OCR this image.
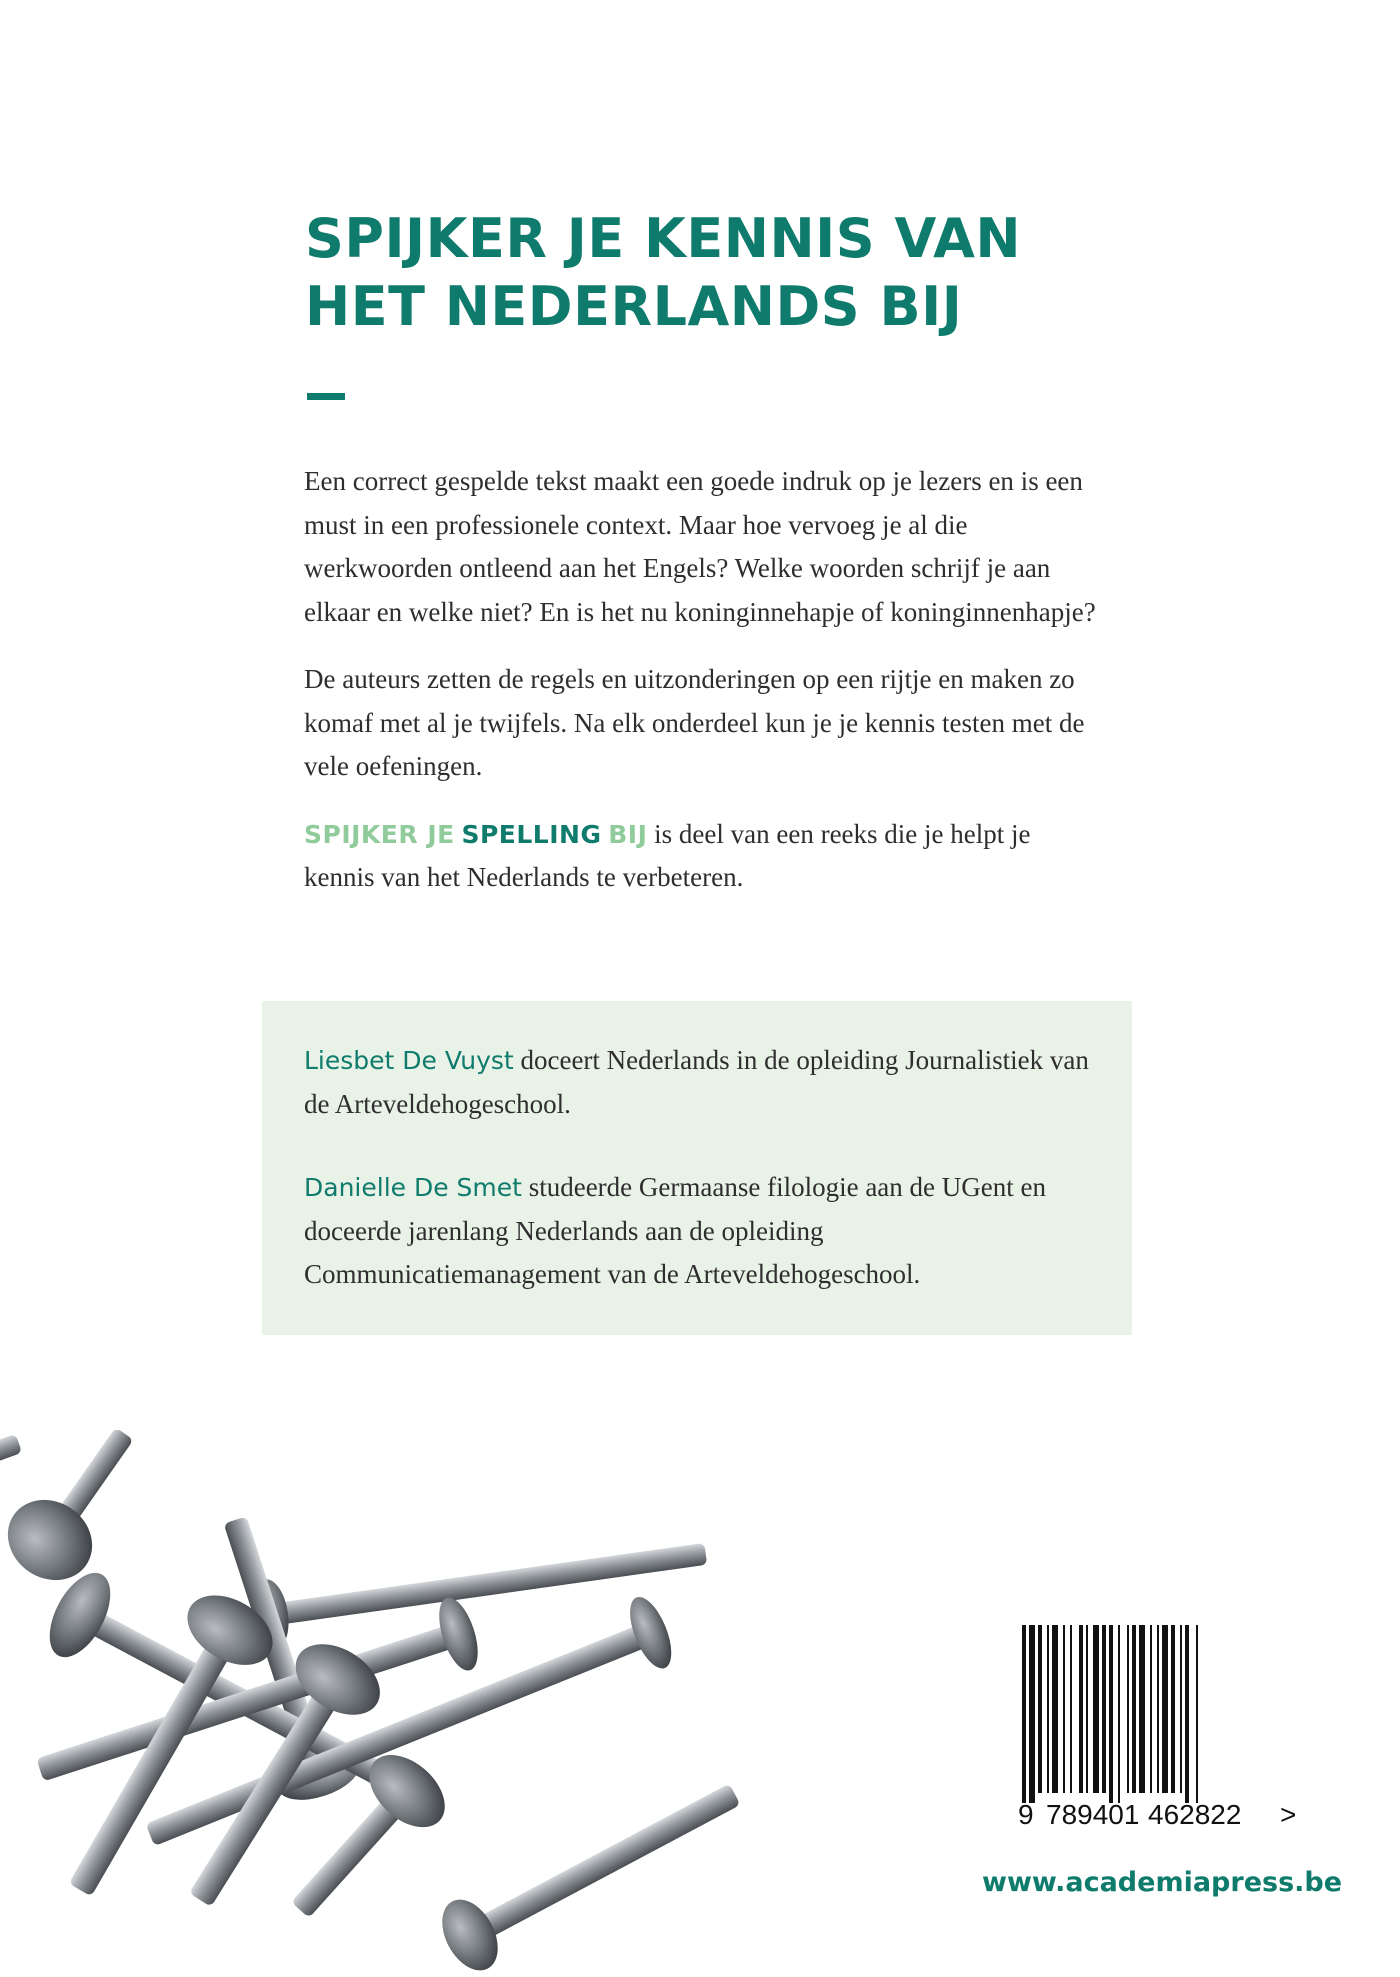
SPIJKER JE KENNIS VAN
HET NEDERLANDS BIJ

Een correct gespelde tekst maakt een goede indruk op je lezers en is een must in een professionele context. Maar hoe vervoeg je al die werkwoorden ontleend aan het Engels? Welke woorden schrijf je aan elkaar en welke niet? En is het nu koninginnehapje of koninginnenhapje?

De auteurs zetten de regels en uitzonderingen op een rijtje en maken zo komaf met al je twijfels. Na elk onderdeel kun je je kennis testen met de vele oefeningen.

SPIJKER JE SPELLING BIJ is deel van een reeks die je helpt je kennis van het Nederlands te verbeteren.

Liesbet De Vuyst doceert Nederlands in de opleiding Journalistiek van de Arteveldehogeschool.

Danielle De Smet studeerde Germaanse filologie aan de UGent en doceerde jarenlang Nederlands aan de opleiding Communicatiemanagement van de Arteveldehogeschool.

9 789401 462822 >
www.academiapress.be
